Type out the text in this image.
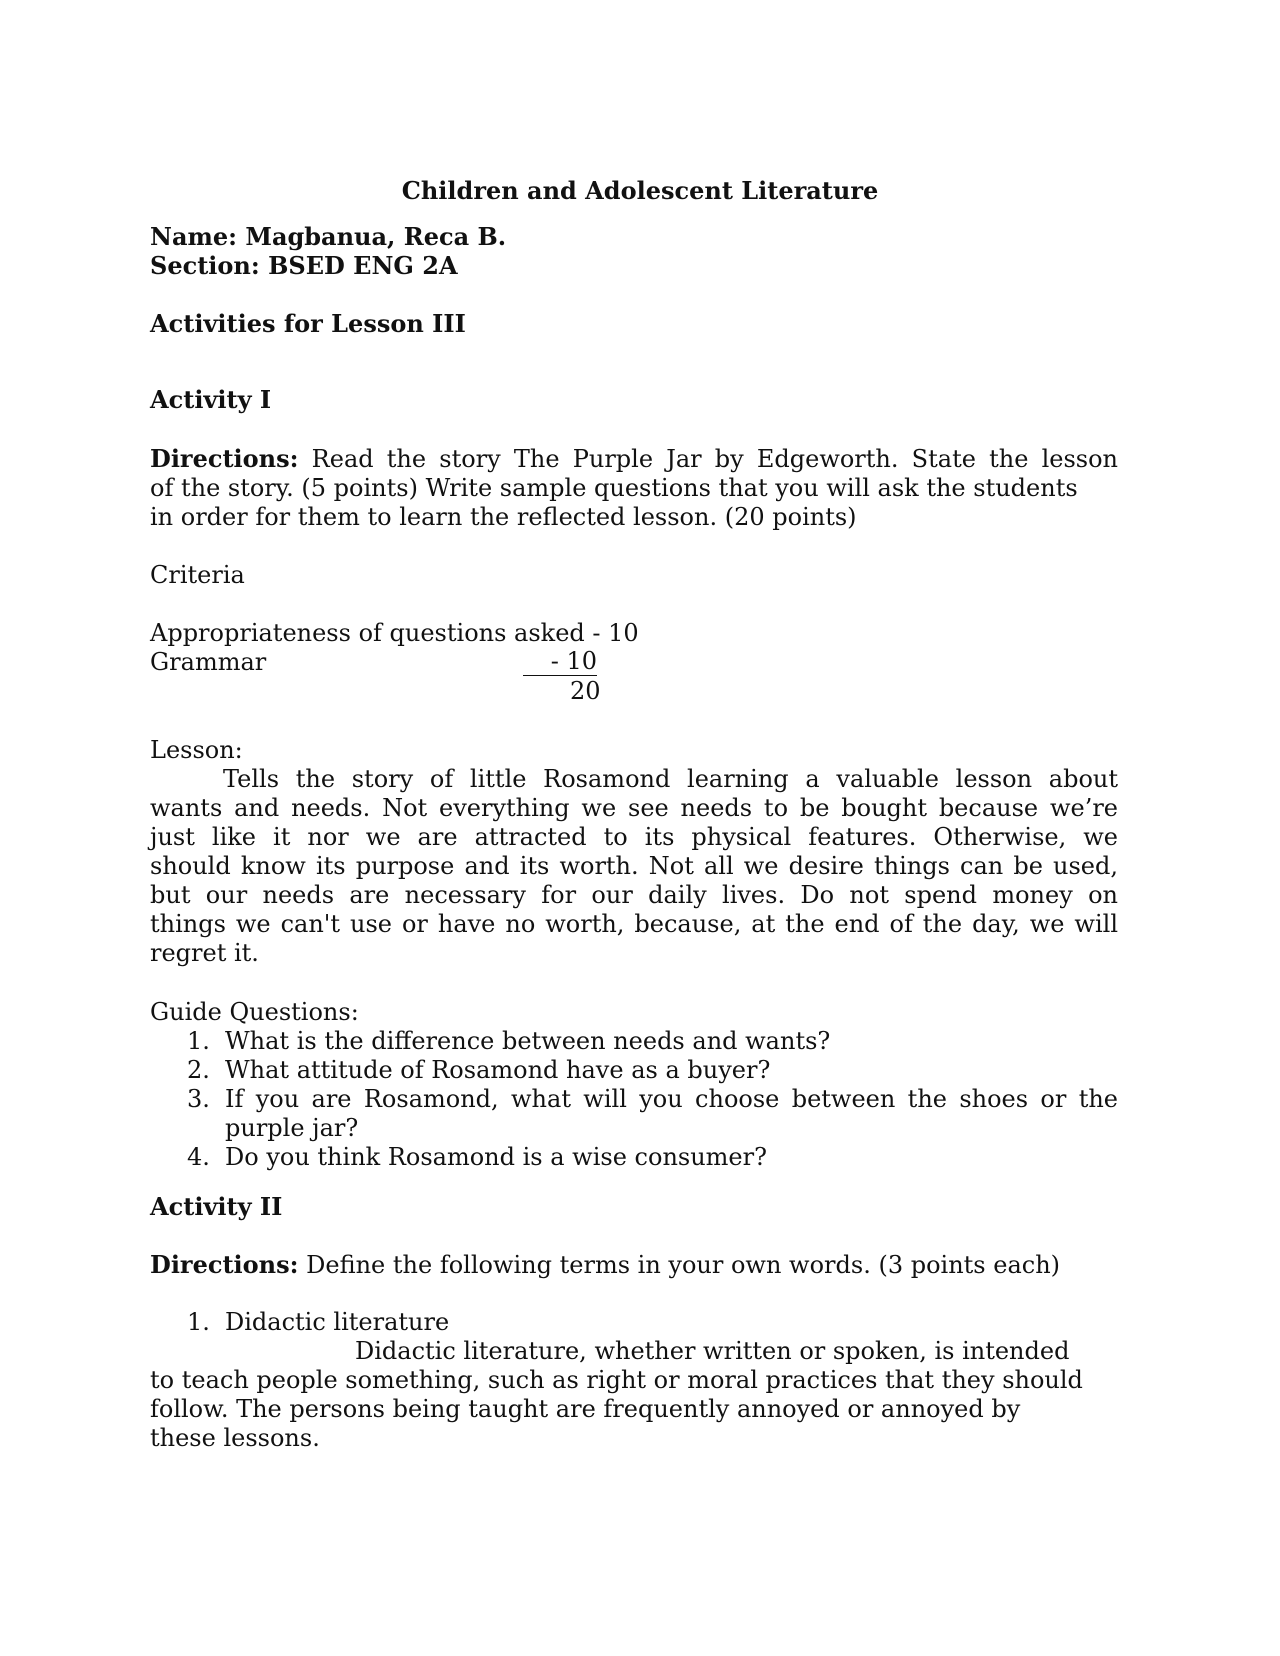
Children and Adolescent Literature
Name: Magbanua, Reca B.
Section: BSED ENG 2A
Activities for Lesson III
Activity I
Directions: Read the story The Purple Jar by Edgeworth. State the lesson
of the story. (5 points) Write sample questions that you will ask the students
in order for them to learn the reflected lesson. (20 points)
Criteria
Appropriateness of questions asked - 10
Grammar	- 10
20
Lesson:
Tells the story of little Rosamond learning a valuable lesson about
wants and needs. Not everything we see needs to be bought because we’re
just like it nor we are attracted to its physical features. Otherwise, we
should know its purpose and its worth. Not all we desire things can be used,
but our needs are necessary for our daily lives. Do not spend money on
things we can't use or have no worth, because, at the end of the day, we will
regret it.
Guide Questions:
1. What is the difference between needs and wants?
2. What attitude of Rosamond have as a buyer?
3. If you are Rosamond, what will you choose between the shoes or the
purple jar?
4. Do you think Rosamond is a wise consumer?
Activity II
Directions: Define the following terms in your own words. (3 points each)
1. Didactic literature
Didactic literature, whether written or spoken, is intended
to teach people something, such as right or moral practices that they should
follow. The persons being taught are frequently annoyed or annoyed by
these lessons.
